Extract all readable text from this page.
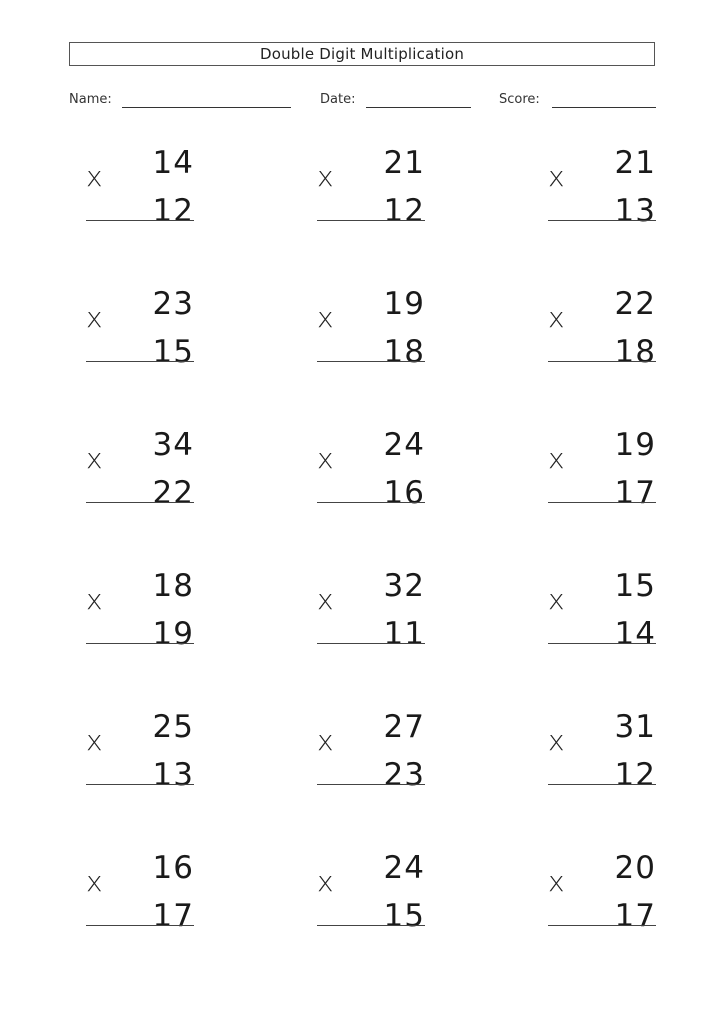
Double Digit Multiplication
Name:	Date:	Score:
x 14
12
x 21
12
x 21
13
x 23
15
x 19
18
x 22
18
x 34
22
x 24
16
x 19
17
x 18
19
x 32
11
x 15
14
x 25
13
x 27
23
x 31
12
x 16
17
x 24
15
x 20
17
